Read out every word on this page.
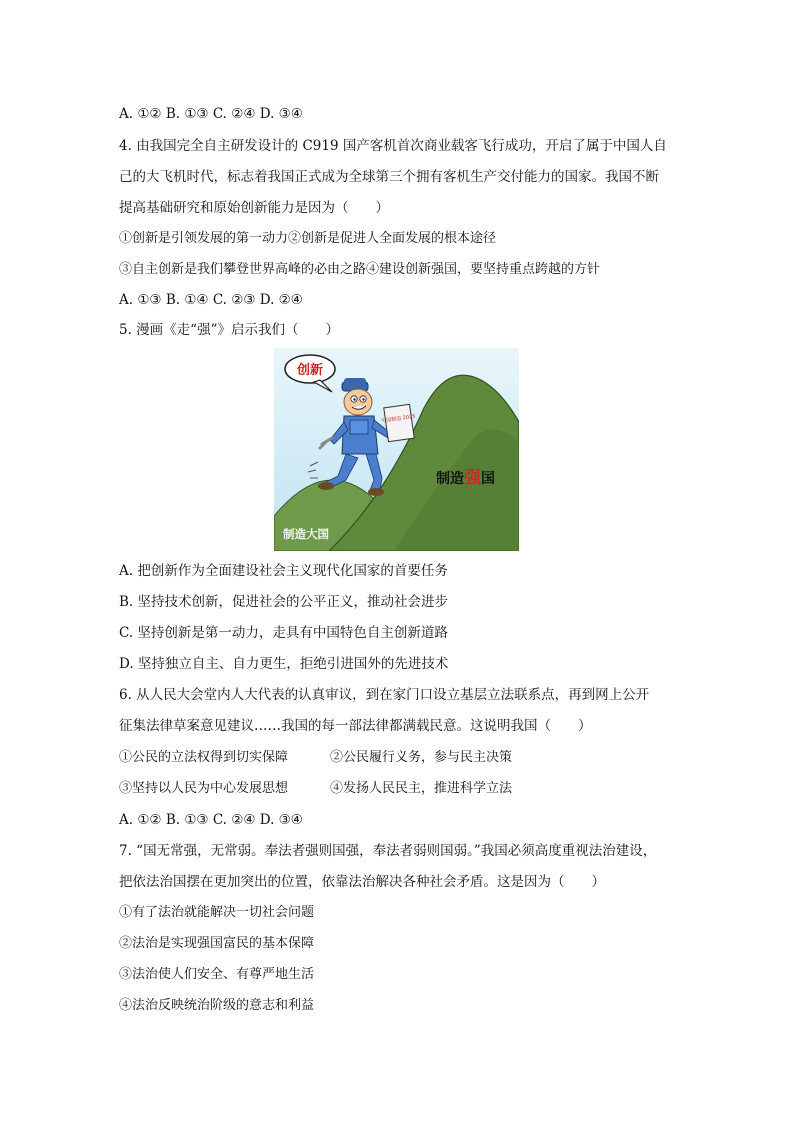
A. ①② B. ①③ C. ②④ D. ③④
4. 由我国完全自主研发设计的 C919 国产客机首次商业载客飞行成功，开启了属于中国人自
己的大飞机时代，标志着我国正式成为全球第三个拥有客机生产交付能力的国家。我国不断
提高基础研究和原始创新能力是因为（　　）
①创新是引领发展的第一动力②创新是促进人全面发展的根本途径
③自主创新是我们攀登世界高峰的必由之路④建设创新强国，要坚持重点跨越的方针
A. ①③ B. ①④ C. ②③ D. ②④
5. 漫画《走“强”》启示我们（　　）
创新
中国制造 2025
制造强国
制造大国
A. 把创新作为全面建设社会主义现代化国家的首要任务
B. 坚持技术创新，促进社会的公平正义，推动社会进步
C. 坚持创新是第一动力，走具有中国特色自主创新道路
D. 坚持独立自主、自力更生，拒绝引进国外的先进技术
6. 从人民大会堂内人大代表的认真审议，到在家门口设立基层立法联系点，再到网上公开
征集法律草案意见建议……我国的每一部法律都满载民意。这说明我国（　　）
①公民的立法权得到切实保障	②公民履行义务，参与民主决策
③坚持以人民为中心发展思想	④发扬人民民主，推进科学立法
A. ①② B. ①③ C. ②④ D. ③④
7. “国无常强，无常弱。奉法者强则国强，奉法者弱则国弱。”我国必须高度重视法治建设，
把依法治国摆在更加突出的位置，依靠法治解决各种社会矛盾。这是因为（　　）
①有了法治就能解决一切社会问题
②法治是实现强国富民的基本保障
③法治使人们安全、有尊严地生活
④法治反映统治阶级的意志和利益
